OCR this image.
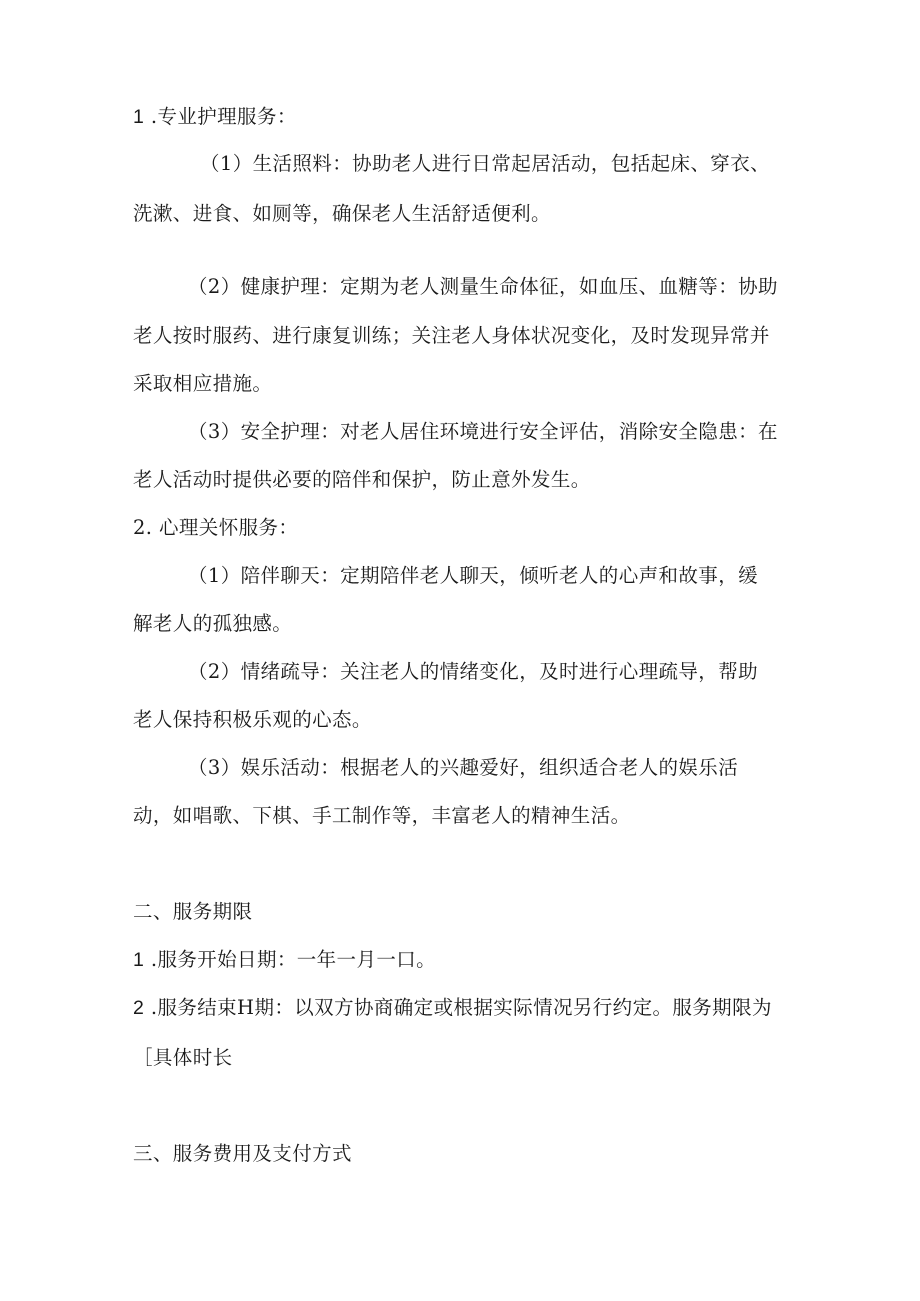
1 .专业护理服务：

（1）生活照料：协助老人进行日常起居活动，包括起床、穿衣、

洗漱、进食、如厕等，确保老人生活舒适便利。

（2）健康护理：定期为老人测量生命体征，如血压、血糖等：协助

老人按时服药、进行康复训练；关注老人身体状况变化，及时发现异常并

采取相应措施。

（3）安全护理：对老人居住环境进行安全评估，消除安全隐患：在

老人活动时提供必要的陪伴和保护，防止意外发生。

2. 心理关怀服务：

（1）陪伴聊天：定期陪伴老人聊天，倾听老人的心声和故事，缓

解老人的孤独感。

（2）情绪疏导：关注老人的情绪变化，及时进行心理疏导，帮助

老人保持积极乐观的心态。

（3）娱乐活动：根据老人的兴趣爱好，组织适合老人的娱乐活

动，如唱歌、下棋、手工制作等，丰富老人的精神生活。

二、服务期限

1 .服务开始日期：一年一月一口。

2 .服务结束H期：以双方协商确定或根据实际情况另行约定。服务期限为

［具体时长

三、服务费用及支付方式
